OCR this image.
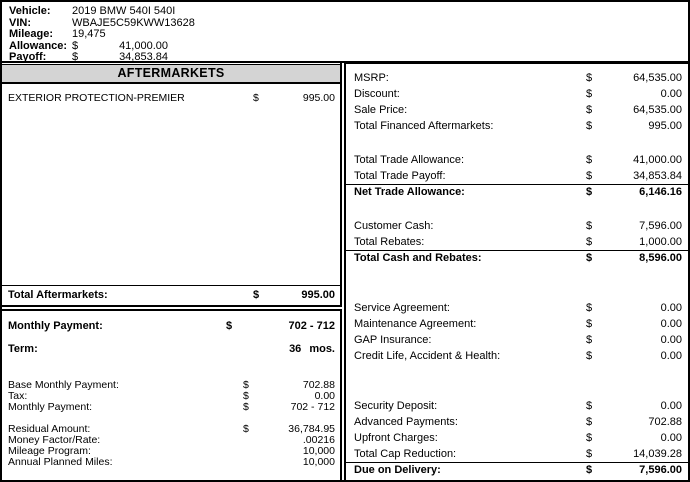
Vehicle:	2019 BMW 540I 540I
VIN:	WBAJE5C59KWW13628
Mileage:	19,475
Allowance: $	41,000.00
Payoff:	$	34,853.84
AFTERMARKETS
EXTERIOR PROTECTION-PREMIER	$	995.00
Total Aftermarkets:	$	995.00
Monthly Payment:	$	702 - 712
Term:	36 mos.
Base Monthly Payment:	$	702.88
Tax:	$	0.00
Monthly Payment:	$	702 - 712
Residual Amount:	$	36,784.95
Money Factor/Rate:	.00216
Mileage Program:	10,000
Annual Planned Miles:	10,000
MSRP:	$	64,535.00
Discount:	$	0.00
Sale Price:	$	64,535.00
Total Financed Aftermarkets:	$	995.00
Total Trade Allowance:	$	41,000.00
Total Trade Payoff:	$	34,853.84
Net Trade Allowance:	$	6,146.16
Customer Cash:	$	7,596.00
Total Rebates:	$	1,000.00
Total Cash and Rebates:	$	8,596.00
Service Agreement:	$	0.00
Maintenance Agreement:	$	0.00
GAP Insurance:	$	0.00
Credit Life, Accident & Health:	$	0.00
Security Deposit:	$	0.00
Advanced Payments:	$	702.88
Upfront Charges:	$	0.00
Total Cap Reduction:	$	14,039.28
Due on Delivery:	$	7,596.00
